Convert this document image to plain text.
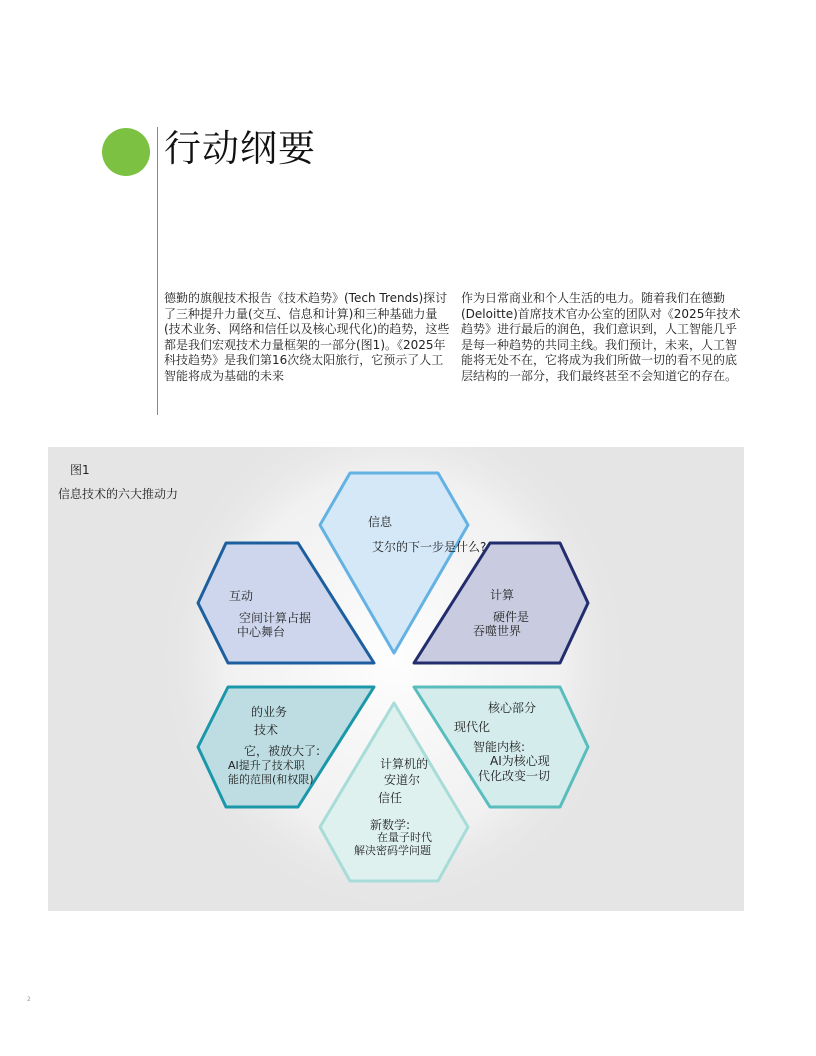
行动纲要

德勤的旗舰技术报告《技术趋势》(Tech Trends)探讨了三种提升力量(交互、信息和计算)和三种基础力量(技术业务、网络和信任以及核心现代化)的趋势，这些都是我们宏观技术力量框架的一部分(图1)。《2025年科技趋势》是我们第16次绕太阳旅行，它预示了人工智能将成为基础的未来

作为日常商业和个人生活的电力。随着我们在德勤(Deloitte)首席技术官办公室的团队对《2025年技术趋势》进行最后的润色，我们意识到，人工智能几乎是每一种趋势的共同主线。我们预计，未来，人工智能将无处不在，它将成为我们所做一切的看不见的底层结构的一部分，我们最终甚至不会知道它的存在。

图1
信息技术的六大推动力
信息
艾尔的下一步是什么?
计算
硬件是
吞噬世界
核心部分
现代化
智能内核:
AI为核心现
代化改变一切
计算机的
安道尔
信任
新数学:
在量子时代
解决密码学问题
的业务
技术
它，被放大了:
AI提升了技术职
能的范围(和权限)
互动
空间计算占据
中心舞台
2
